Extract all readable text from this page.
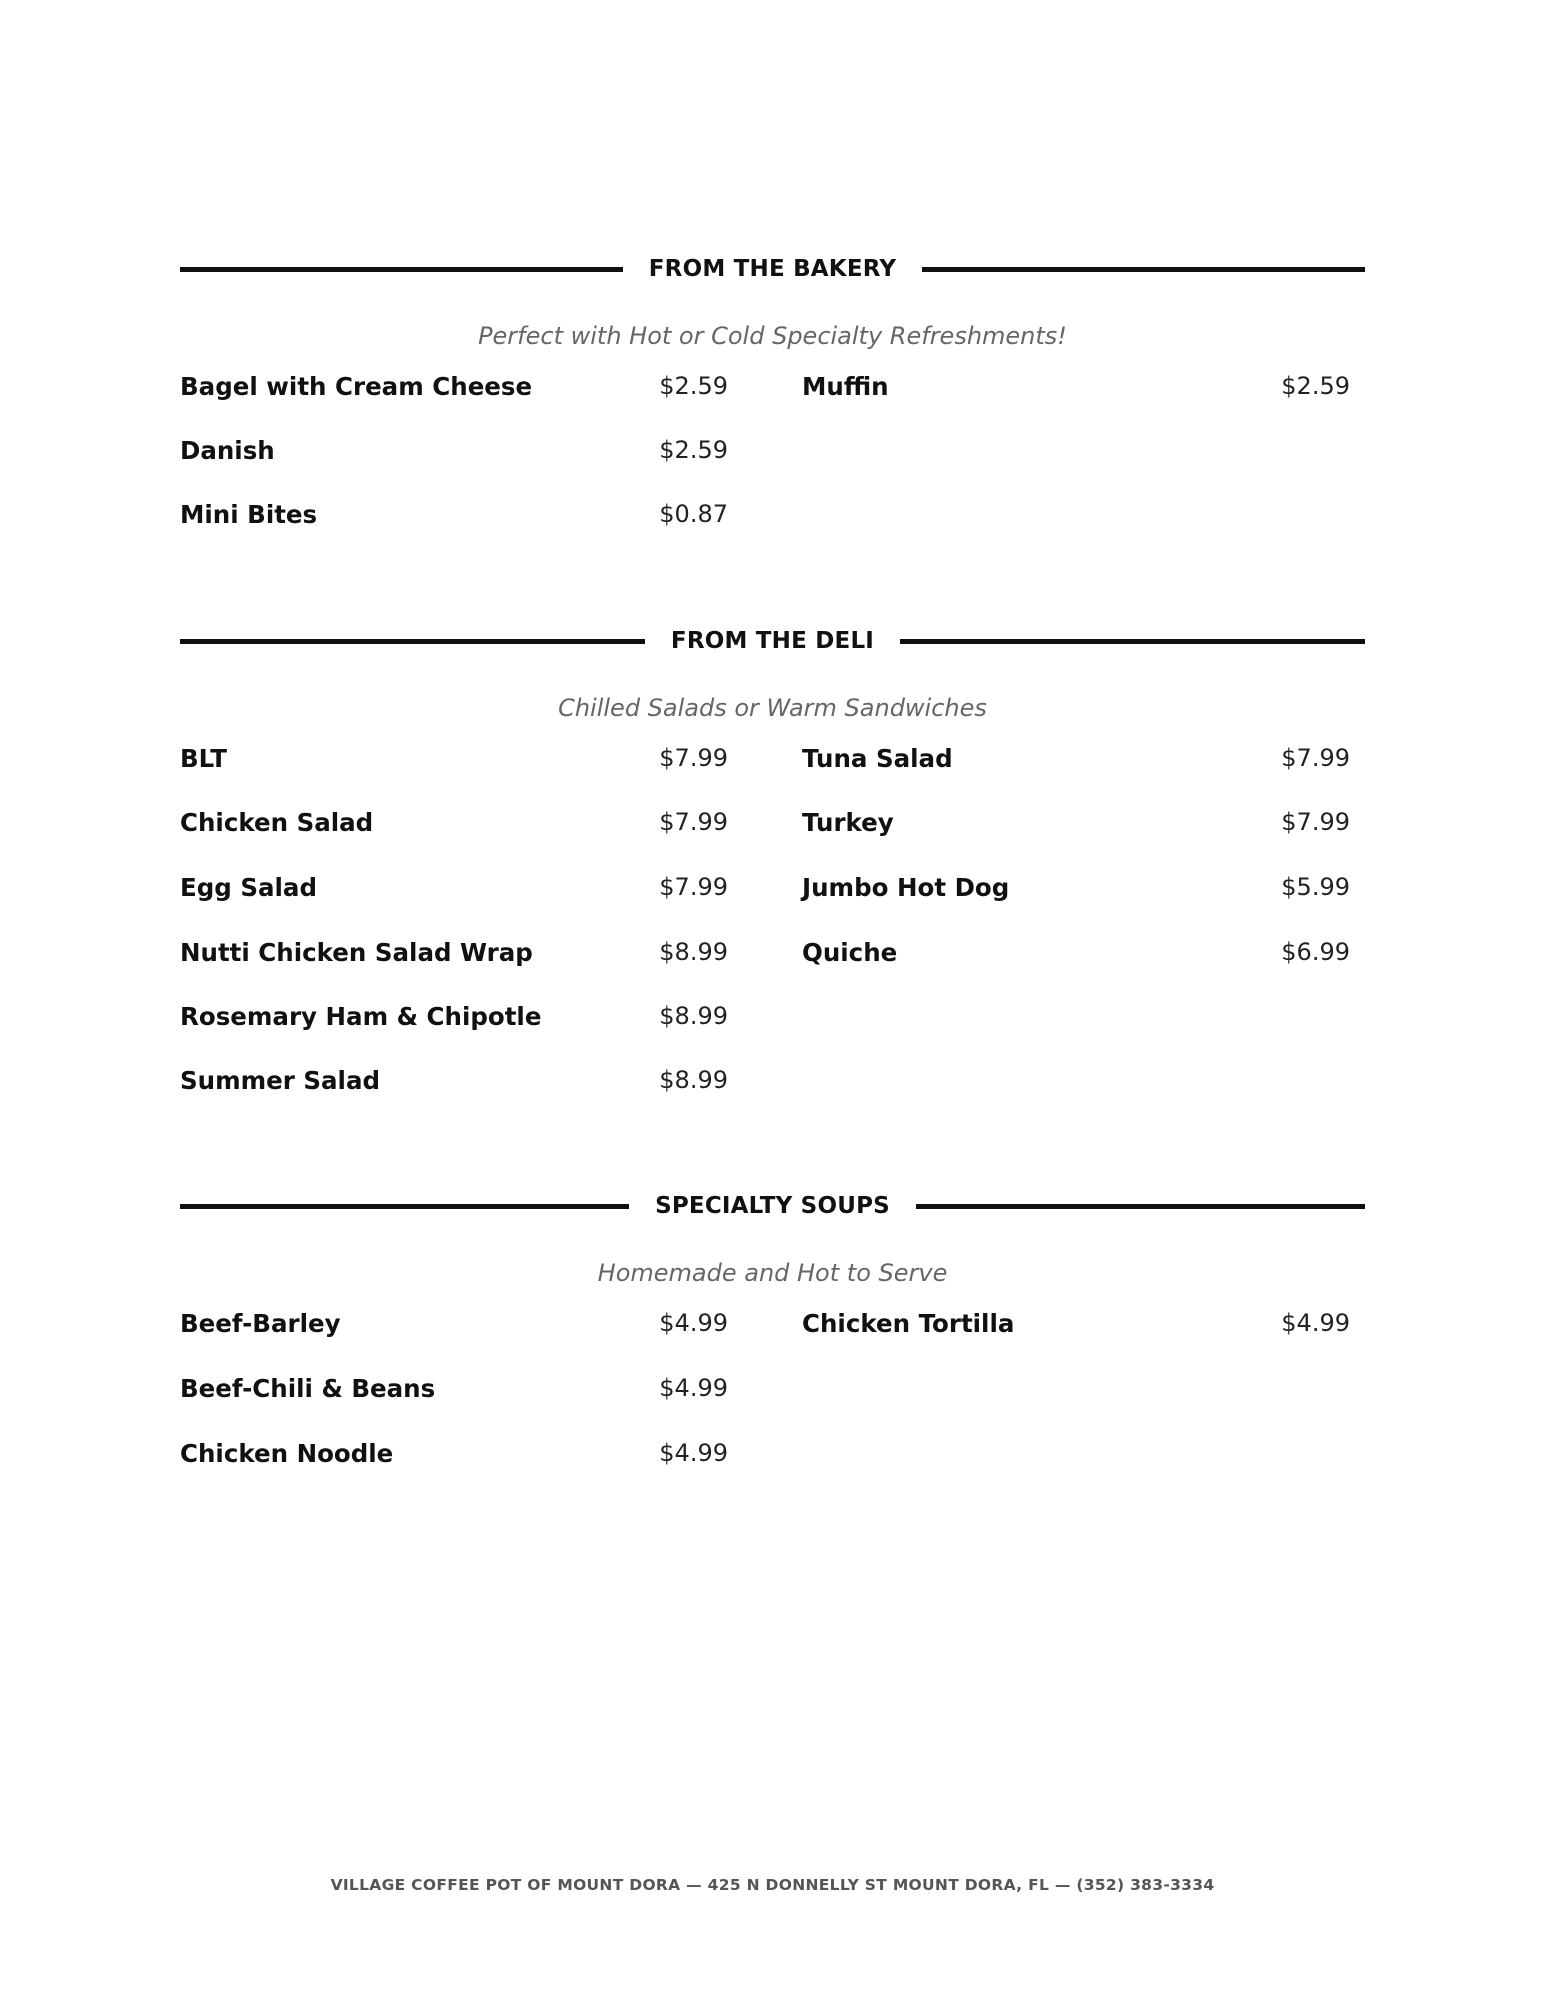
FROM THE BAKERY
Perfect with Hot or Cold Specialty Refreshments!
Bagel with Cream Cheese	$2.59
Danish	$2.59
Mini Bites	$0.87
Muffin	$2.59
FROM THE DELI
Chilled Salads or Warm Sandwiches
BLT	$7.99
Chicken Salad	$7.99
Egg Salad	$7.99
Nutti Chicken Salad Wrap	$8.99
Rosemary Ham & Chipotle	$8.99
Summer Salad	$8.99
Tuna Salad	$7.99
Turkey	$7.99
Jumbo Hot Dog	$5.99
Quiche	$6.99
SPECIALTY SOUPS
Homemade and Hot to Serve
Beef-Barley	$4.99
Beef-Chili & Beans	$4.99
Chicken Noodle	$4.99
Chicken Tortilla	$4.99
VILLAGE COFFEE POT OF MOUNT DORA — 425 N DONNELLY ST MOUNT DORA, FL — (352) 383-3334
